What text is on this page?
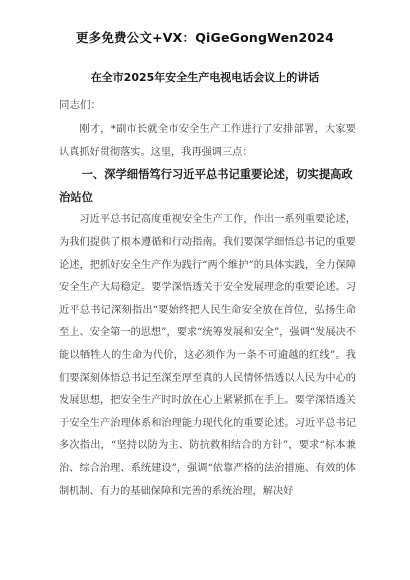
更多免费公文+VX：QiGeGongWen2024
在全市2025年安全生产电视电话会议上的讲话
同志们：

刚才，*副市长就全市安全生产工作进行了安排部署，大家要认真抓好贯彻落实。这里，我再强调三点：

一、深学细悟笃行习近平总书记重要论述，切实提高政治站位

习近平总书记高度重视安全生产工作，作出一系列重要论述，为我们提供了根本遵循和行动指南。我们要深学细悟总书记的重要论述，把抓好安全生产作为践行“两个维护”的具体实践，全力保障安全生产大局稳定。要学深悟透关于安全发展理念的重要论述。习近平总书记深刻指出“要始终把人民生命安全放在首位，弘扬生命至上、安全第一的思想”，要求“统筹发展和安全”，强调“发展决不能以牺牲人的生命为代价，这必须作为一条不可逾越的红线”。我们要深刻体悟总书记至深至厚至真的人民情怀悟透以人民为中心的发展思想，把安全生产时时放在心上紧紧抓在手上。要学深悟透关于安全生产治理体系和治理能力现代化的重要论述。习近平总书记多次指出，“坚持以防为主、防抗救相结合的方针”，要求“标本兼治、综合治理、系统建设”，强调“依靠严格的法治措施、有效的体制机制、有力的基础保障和完善的系统治理，解决好
